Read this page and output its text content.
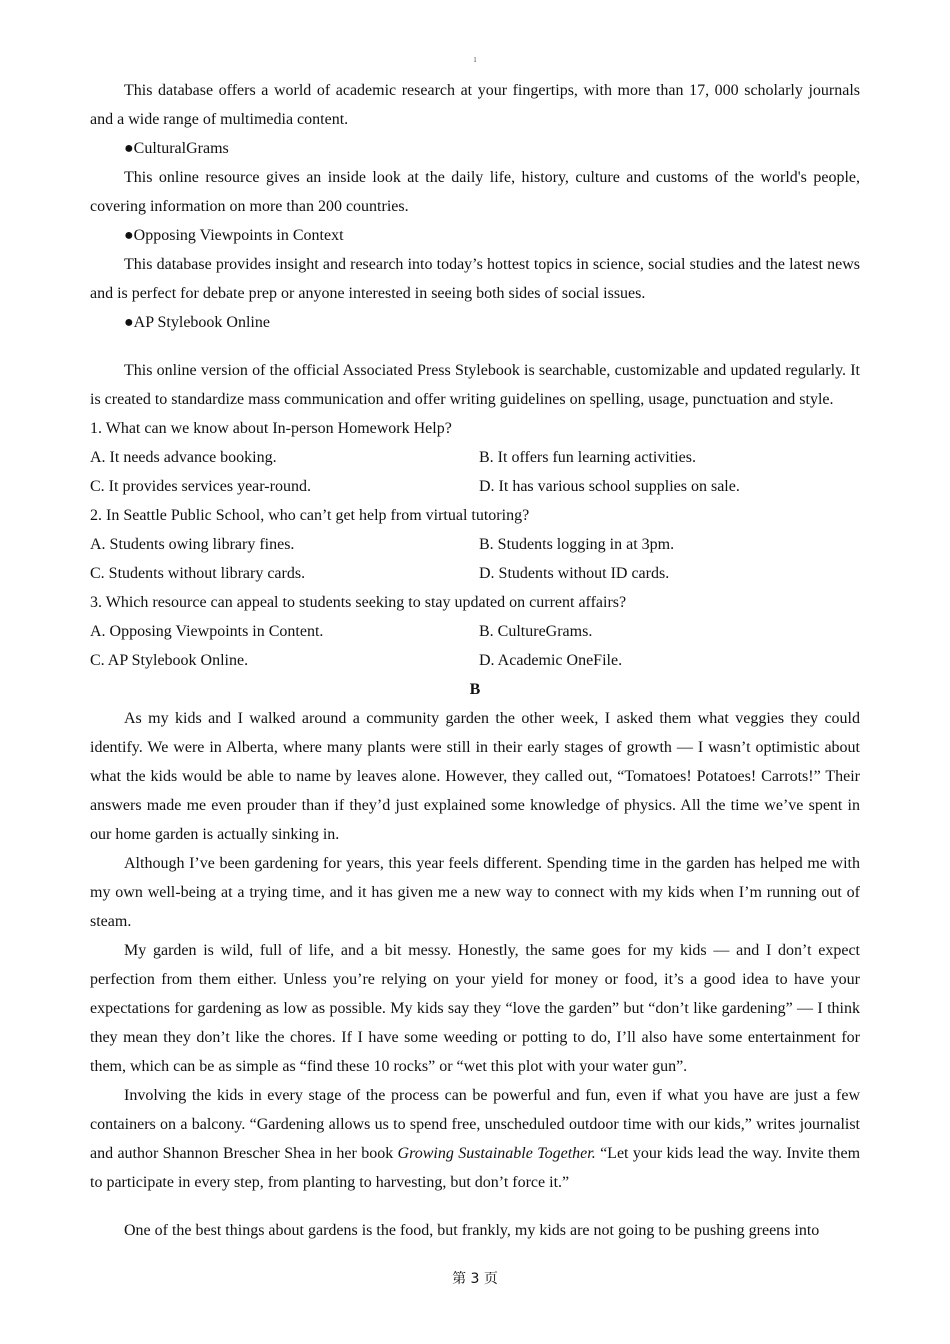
1

This database offers a world of academic research at your fingertips, with more than 17, 000 scholarly journals and a wide range of multimedia content.

●CulturalGrams

This online resource gives an inside look at the daily life, history, culture and customs of the world's people, covering information on more than 200 countries.

●Opposing Viewpoints in Context

This database provides insight and research into today’s hottest topics in science, social studies and the latest news and is perfect for debate prep or anyone interested in seeing both sides of social issues.

●AP Stylebook Online

This online version of the official Associated Press Stylebook is searchable, customizable and updated regularly. It is created to standardize mass communication and offer writing guidelines on spelling, usage, punctuation and style.

1. What can we know about In-person Homework Help?

A. It needs advance booking.	B. It offers fun learning activities.
C. It provides services year-round.	D. It has various school supplies on sale.

2. In Seattle Public School, who can’t get help from virtual tutoring?

A. Students owing library fines.	B. Students logging in at 3pm.
C. Students without library cards.	D. Students without ID cards.

3. Which resource can appeal to students seeking to stay updated on current affairs?

A. Opposing Viewpoints in Content.	B. CultureGrams.
C. AP Stylebook Online.	D. Academic OneFile.

B

As my kids and I walked around a community garden the other week, I asked them what veggies they could identify. We were in Alberta, where many plants were still in their early stages of growth — I wasn’t optimistic about what the kids would be able to name by leaves alone. However, they called out, “Tomatoes! Potatoes! Carrots!” Their answers made me even prouder than if they’d just explained some knowledge of physics. All the time we’ve spent in our home garden is actually sinking in.

Although I’ve been gardening for years, this year feels different. Spending time in the garden has helped me with my own well-being at a trying time, and it has given me a new way to connect with my kids when I’m running out of steam.

My garden is wild, full of life, and a bit messy. Honestly, the same goes for my kids — and I don’t expect perfection from them either. Unless you’re relying on your yield for money or food, it’s a good idea to have your expectations for gardening as low as possible. My kids say they “love the garden” but “don’t like gardening” — I think they mean they don’t like the chores. If I have some weeding or potting to do, I’ll also have some entertainment for them, which can be as simple as “find these 10 rocks” or “wet this plot with your water gun”.

Involving the kids in every stage of the process can be powerful and fun, even if what you have are just a few containers on a balcony. “Gardening allows us to spend free, unscheduled outdoor time with our kids,” writes journalist and author Shannon Brescher Shea in her book Growing Sustainable Together. “Let your kids lead the way. Invite them to participate in every step, from planting to harvesting, but don’t force it.”

One of the best things about gardens is the food, but frankly, my kids are not going to be pushing greens into

第 3 页
